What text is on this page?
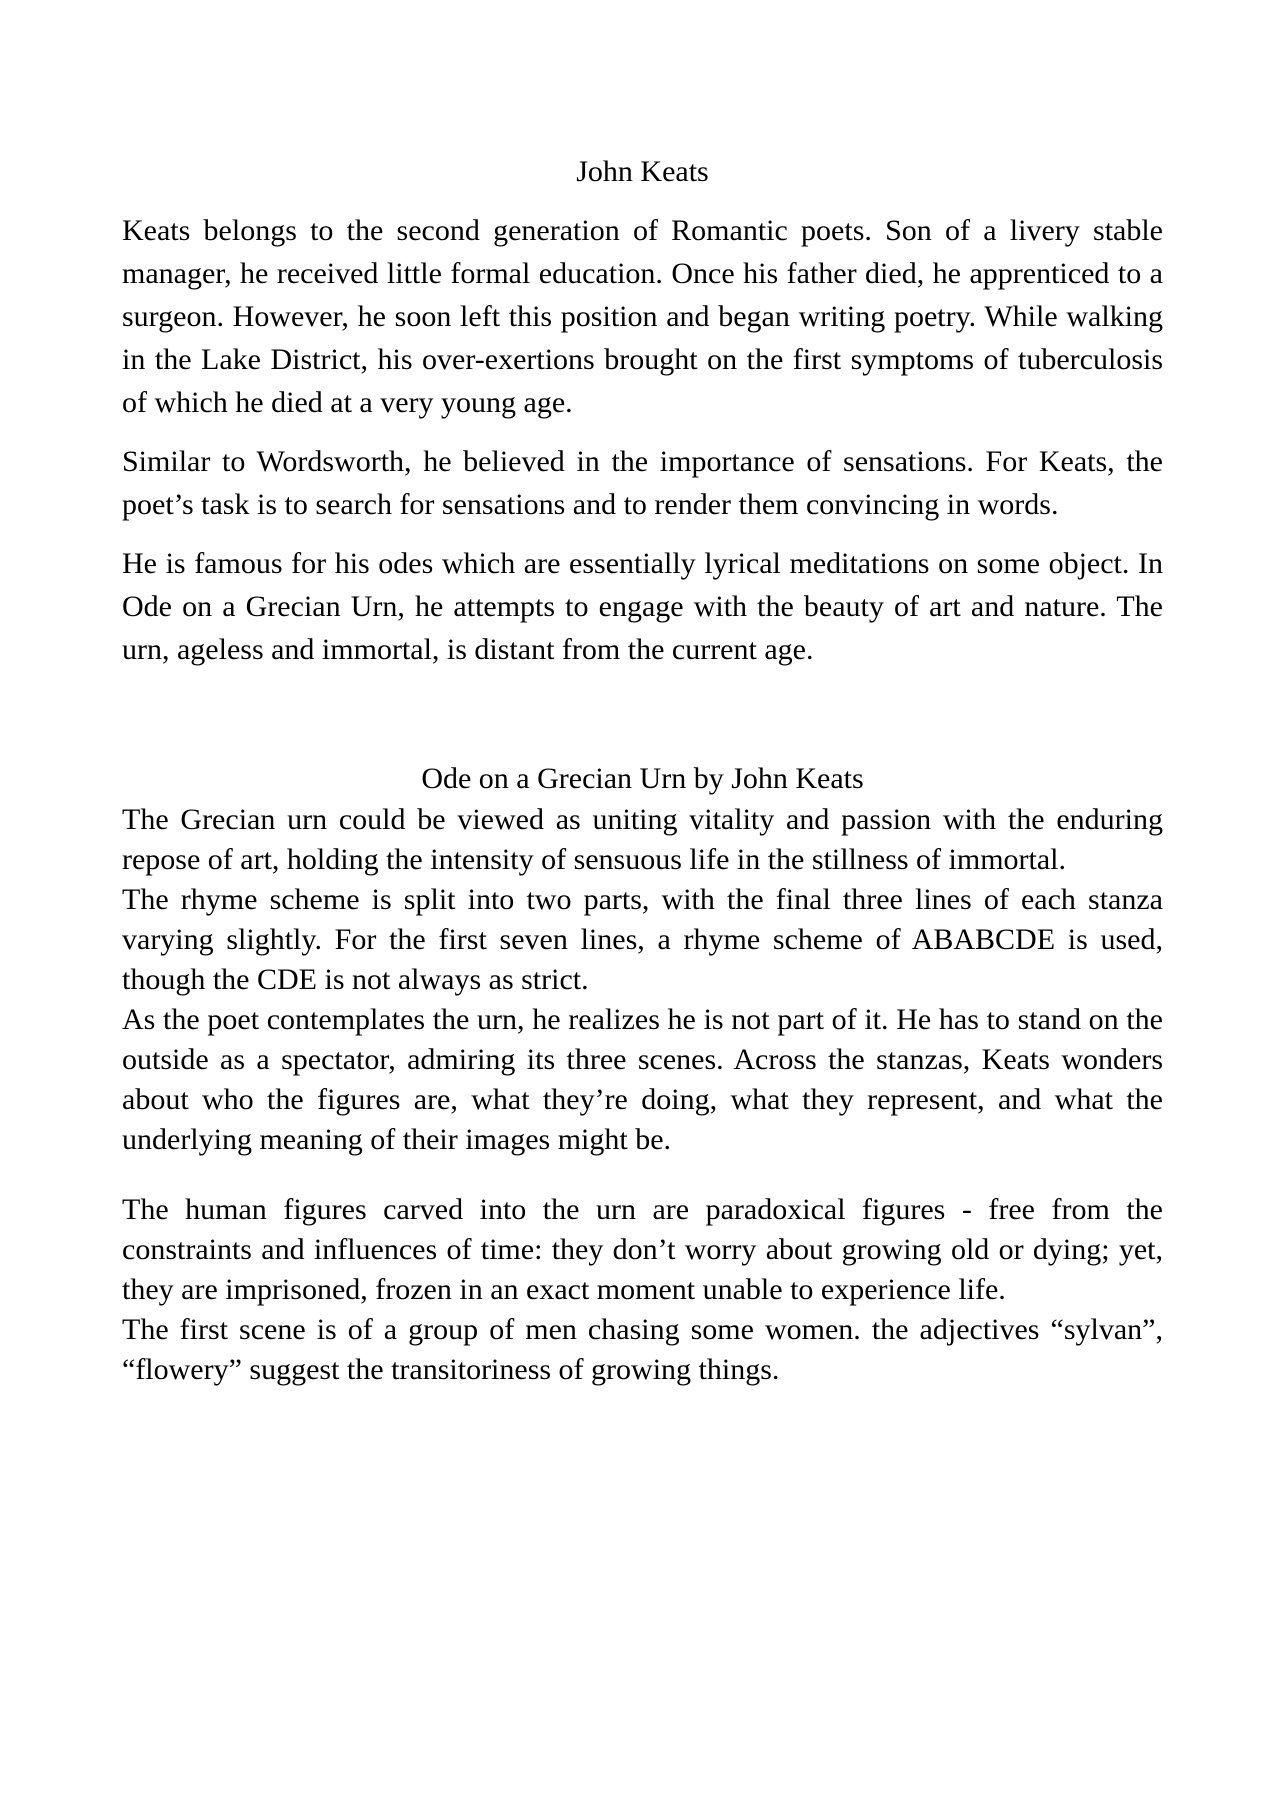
John Keats

Keats belongs to the second generation of Romantic poets. Son of a livery stable manager, he received little formal education. Once his father died, he apprenticed to a surgeon. However, he soon left this position and began writing poetry. While walking in the Lake District, his over-exertions brought on the first symptoms of tuberculosis of which he died at a very young age.

Similar to Wordsworth, he believed in the importance of sensations. For Keats, the poet’s task is to search for sensations and to render them convincing in words.

He is famous for his odes which are essentially lyrical meditations on some object. In Ode on a Grecian Urn, he attempts to engage with the beauty of art and nature. The urn, ageless and immortal, is distant from the current age.

Ode on a Grecian Urn by John Keats

The Grecian urn could be viewed as uniting vitality and passion with the enduring repose of art, holding the intensity of sensuous life in the stillness of immortal.

The rhyme scheme is split into two parts, with the final three lines of each stanza varying slightly. For the first seven lines, a rhyme scheme of ABABCDE is used, though the CDE is not always as strict.

As the poet contemplates the urn, he realizes he is not part of it. He has to stand on the outside as a spectator, admiring its three scenes. Across the stanzas, Keats wonders about who the figures are, what they’re doing, what they represent, and what the underlying meaning of their images might be.

The human figures carved into the urn are paradoxical figures - free from the constraints and influences of time: they don’t worry about growing old or dying; yet, they are imprisoned, frozen in an exact moment unable to experience life.

The first scene is of a group of men chasing some women. the adjectives “sylvan”, “flowery” suggest the transitoriness of growing things.
